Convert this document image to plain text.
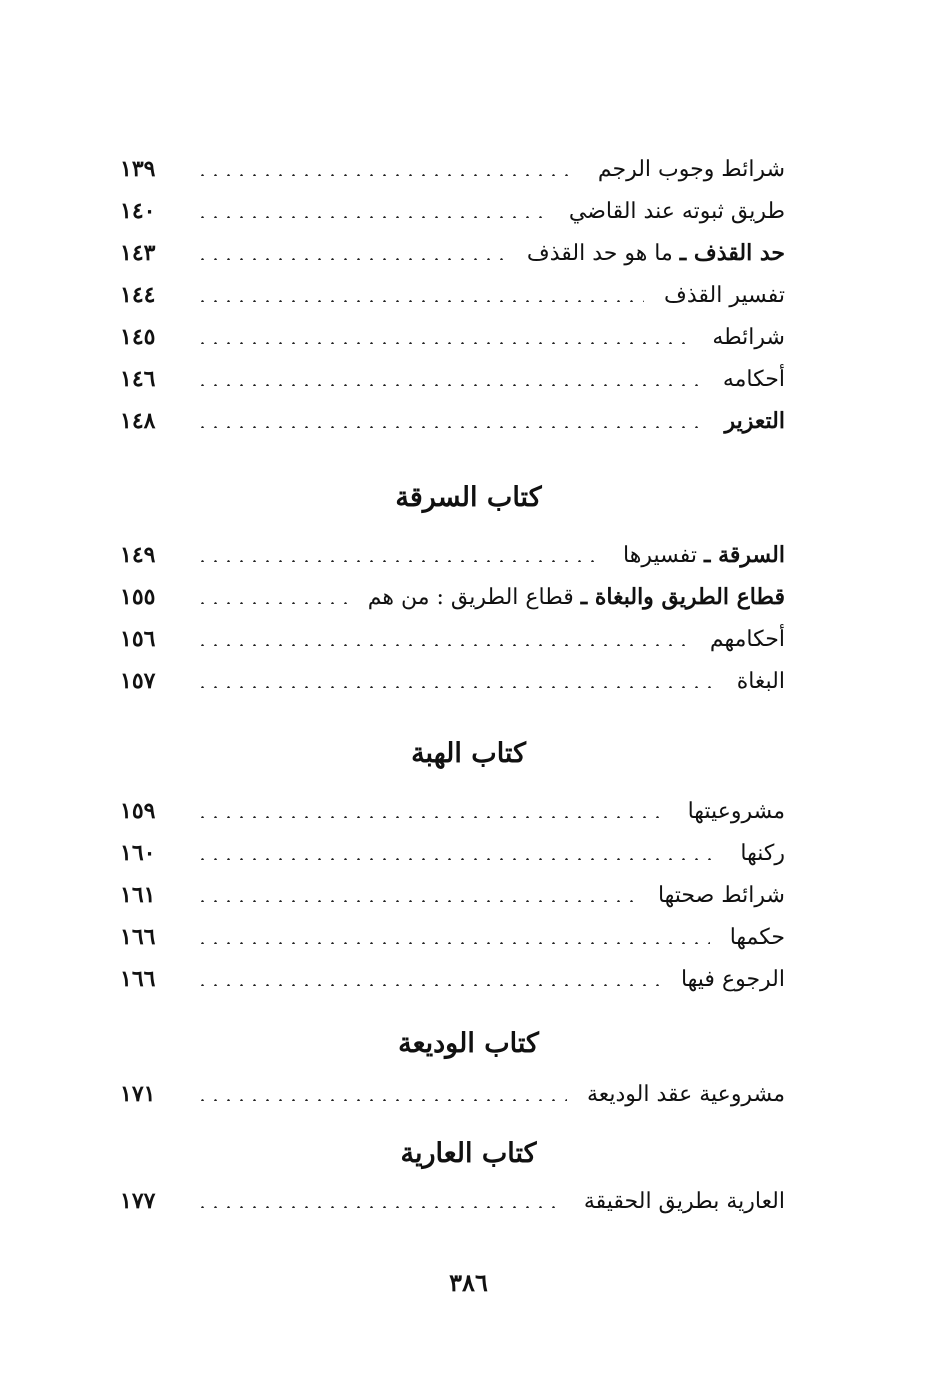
شرائط وجوب الرجم
١٣٩
طريق ثبوته عند القاضي
١٤٠
حد القذف ـ ما هو حد القذف
١٤٣
تفسير القذف
١٤٤
شرائطه
١٤٥
أحكامه
١٤٦
التعزير
١٤٨
كتاب السرقة
السرقة ـ تفسيرها
١٤٩
قطاع الطريق والبغاة ـ قطاع الطريق : من هم
١٥٥
أحكامهم
١٥٦
البغاة
١٥٧
كتاب الهبة
مشروعيتها
١٥٩
ركنها
١٦٠
شرائط صحتها
١٦١
حكمها
١٦٦
الرجوع فيها
١٦٦
كتاب الوديعة
مشروعية عقد الوديعة
١٧١
كتاب العارية
العارية بطريق الحقيقة
١٧٧
٣٨٦
